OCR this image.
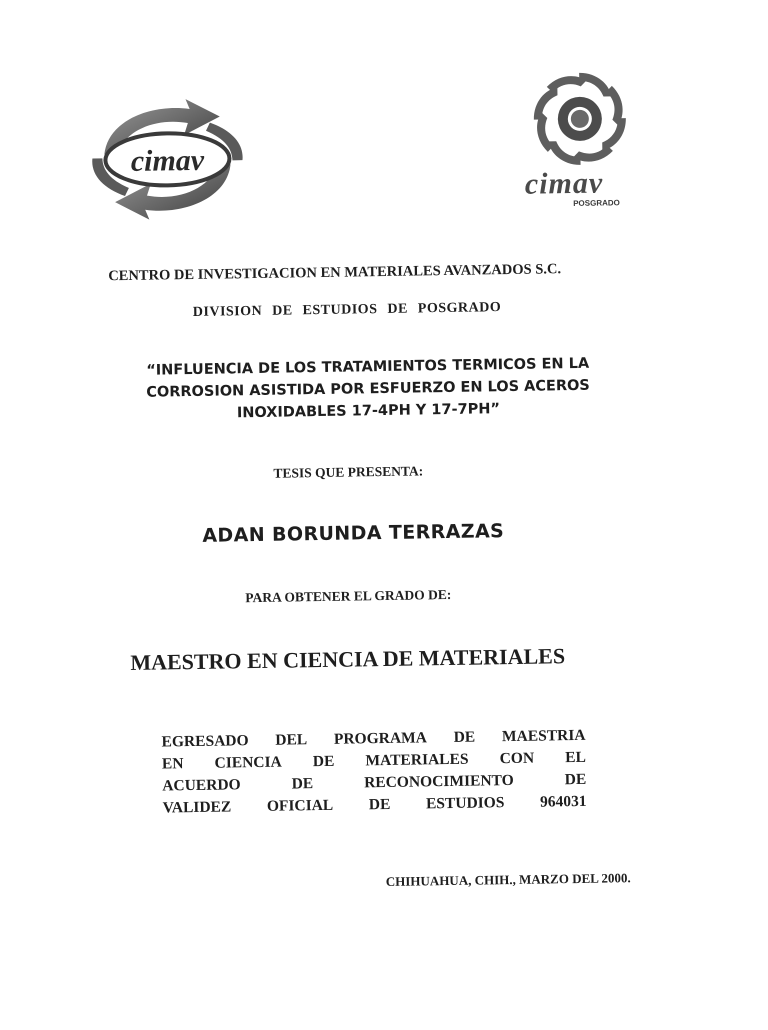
cimav
cimav
POSGRADO
CENTRO DE INVESTIGACION EN MATERIALES AVANZADOS S.C.
DIVISION DE ESTUDIOS DE POSGRADO
“INFLUENCIA DE LOS TRATAMIENTOS TERMICOS EN LA
CORROSION ASISTIDA POR ESFUERZO EN LOS ACEROS
INOXIDABLES 17-4PH Y 17-7PH”
TESIS QUE PRESENTA:
ADAN BORUNDA TERRAZAS
PARA OBTENER EL GRADO DE:
MAESTRO EN CIENCIA DE MATERIALES
EGRESADO DEL PROGRAMA DE MAESTRIA
EN CIENCIA DE MATERIALES CON EL
ACUERDO	DE	RECONOCIMIENTO	DE
VALIDEZ OFICIAL DE ESTUDIOS 964031
CHIHUAHUA, CHIH., MARZO DEL 2000.
